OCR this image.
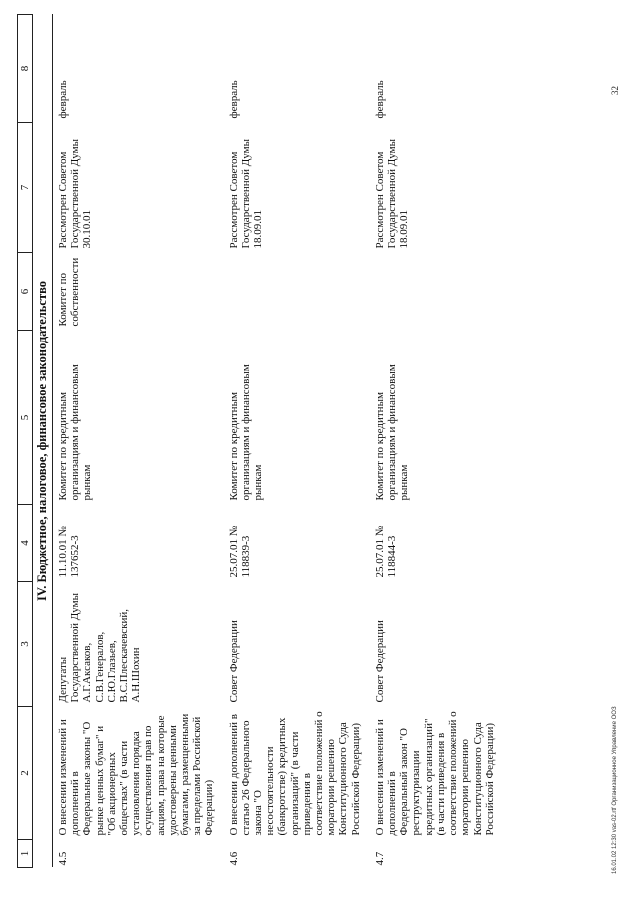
1	2	3	4	5	6	7	8
IV. Бюджетное, налоговое, финансовое законодательство							
4.5	О внесении изменений и дополнений в Федеральные законы "О рынке ценных бумаг" и "Об акционерных обществах" (в части установления порядка осуществления прав по акциям, права на которые удостоверены ценными бумагами, размещенными за пределами Российской Федерации)	Депутаты Государственной Думы А.Г.Аксаков, С.В.Генералов, С.Ю.Глазьев, В.С.Плескачевский, А.Н.Шохин	11.10.01 № 137652-3	Комитет по кредитным организациям и финансовым рынкам	Комитет по собственности	Рассмотрен Советом Государственной Думы 30.10.01	февраль
4.6	О внесении дополнений в статью 26 Федерального закона "О несостоятельности (банкротстве) кредитных организаций" (в части приведения в соответствие положений о моратории решению Конституционного Суда Российской Федерации)	Совет Федерации	25.07.01 № 118839-3	Комитет по кредитным организациям и финансовым рынкам		Рассмотрен Советом Государственной Думы 18.09.01	февраль
4.7	О внесении изменений и дополнений в Федеральный закон "О реструктуризации кредитных организаций" (в части приведения в соответствие положений о моратории решению Конституционного Суда Российской Федерации)	Совет Федерации	25.07.01 № 118844-3	Комитет по кредитным организациям и финансовым рынкам		Рассмотрен Советом Государственной Думы 18.09.01	февраль
16.01.02 12:30 vas-02.rtf Организационное Управление ООЗ
32
